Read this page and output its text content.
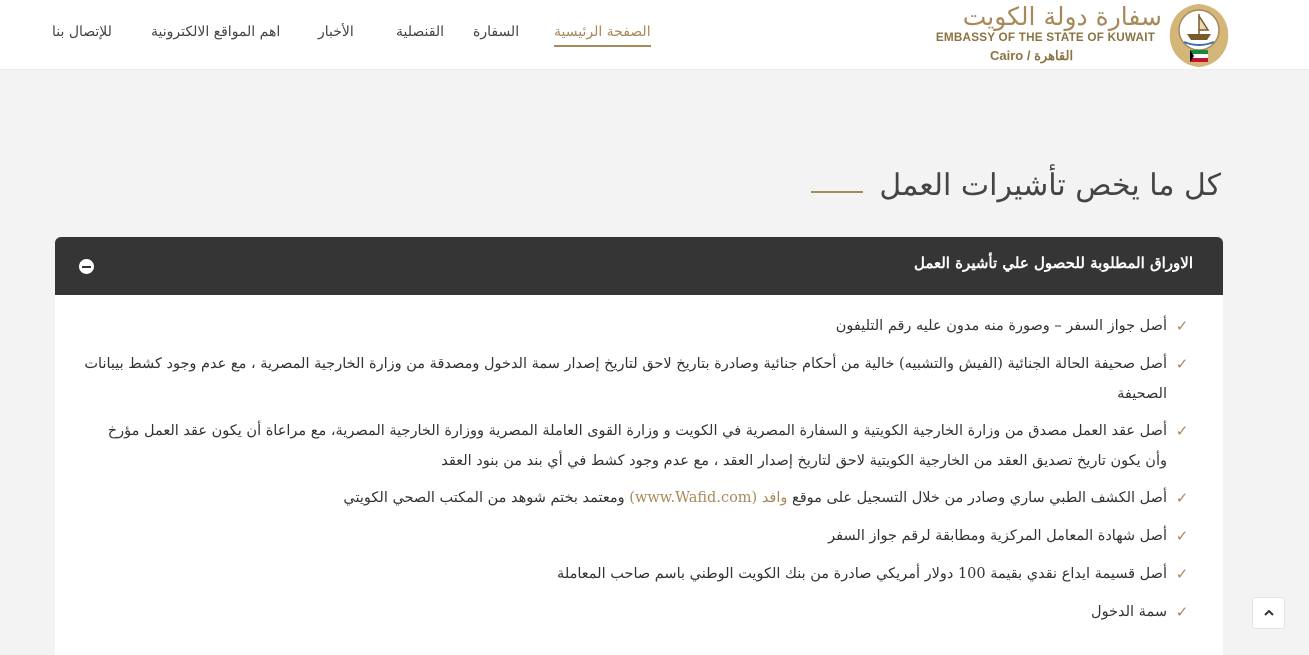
الصفحة الرئيسية
السفارة
القنصلية
الأخبار
اهم المواقع الالكترونية
للإتصال بنا
سفارة دولة الكويت
EMBASSY OF THE STATE OF KUWAIT
Cairo / القاهرة
كل ما يخص تأشيرات العمل
الاوراق المطلوبة للحصول علي تأشيرة العمل
✓
أصل جواز السفر – وصورة منه مدون عليه رقم التليفون
✓
أصل صحيفة الحالة الجنائية (الفيش والتشبيه) خالية من أحكام جنائية وصادرة بتاريخ لاحق لتاريخ إصدار سمة الدخول ومصدقة من وزارة الخارجية المصرية ، مع عدم وجود كشط بيبانات الصحيفة
✓
أصل عقد العمل مصدق من وزارة الخارجية الكويتية و السفارة المصرية في الكويت و وزارة القوى العاملة المصرية ووزارة الخارجية المصرية، مع مراعاة أن يكون عقد العمل مؤرخ وأن يكون تاريخ تصديق العقد من الخارجية الكويتية لاحق لتاريخ إصدار العقد ، مع عدم وجود كشط في أي بند من بنود العقد
✓
أصل الكشف الطبي ساري وصادر من خلال التسجيل على موقع وافد (www.Wafid.com) ومعتمد بختم شوهد من المكتب الصحي الكويتي
✓
أصل شهادة المعامل المركزية ومطابقة لرقم جواز السفر
✓
أصل قسيمة ايداع نقدي بقيمة 100 دولار أمريكي صادرة من بنك الكويت الوطني باسم صاحب المعاملة
✓
سمة الدخول
